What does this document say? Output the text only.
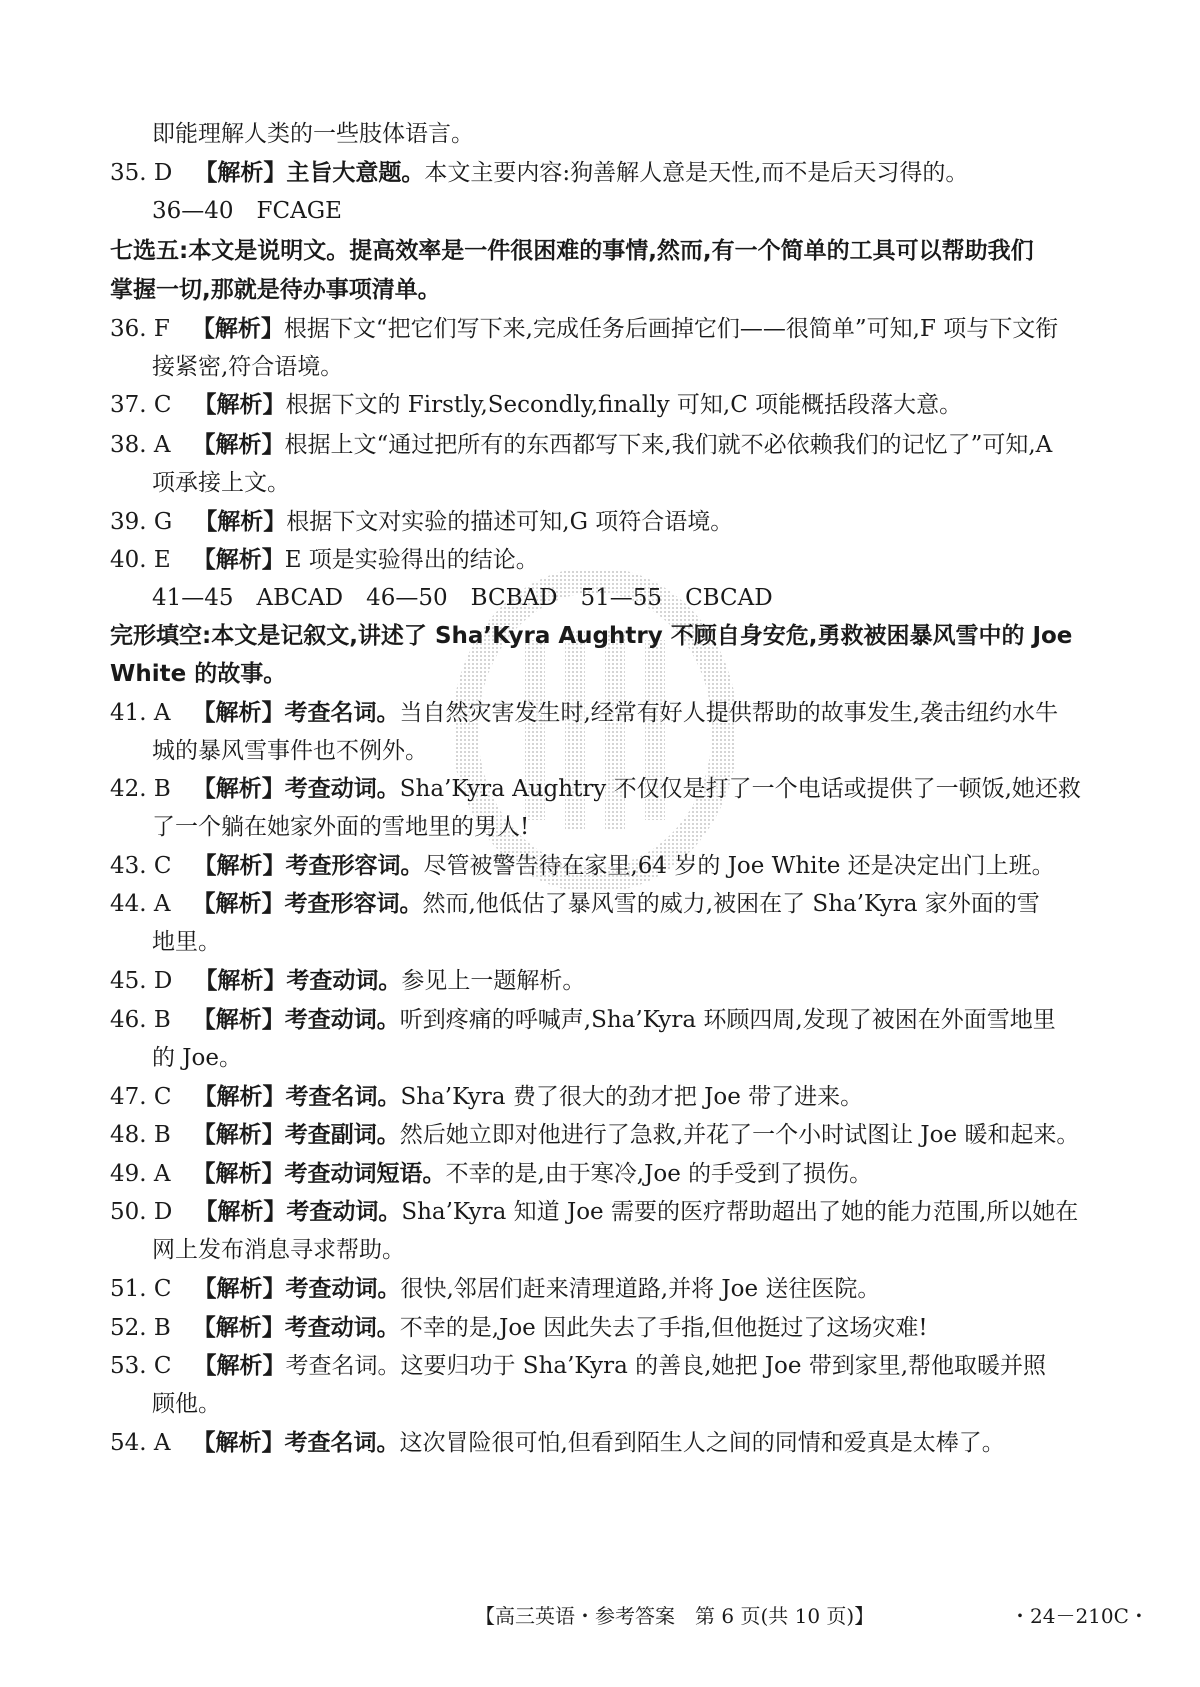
即能理解人类的一些肢体语言。
35. D 【解析】主旨大意题。本文主要内容:狗善解人意是天性,而不是后天习得的。
36—40　FCAGE
七选五:本文是说明文。提高效率是一件很困难的事情,然而,有一个简单的工具可以帮助我们
掌握一切,那就是待办事项清单。
36. F 【解析】根据下文“把它们写下来,完成任务后画掉它们——很简单”可知,F 项与下文衔
接紧密,符合语境。
37. C 【解析】根据下文的 Firstly,Secondly,finally 可知,C 项能概括段落大意。
38. A 【解析】根据上文“通过把所有的东西都写下来,我们就不必依赖我们的记忆了”可知,A
项承接上文。
39. G 【解析】根据下文对实验的描述可知,G 项符合语境。
40. E 【解析】E 项是实验得出的结论。
41—45　ABCAD　46—50　BCBAD　51—55　CBCAD
完形填空:本文是记叙文,讲述了 Sha’Kyra Aughtry 不顾自身安危,勇救被困暴风雪中的 Joe
White 的故事。
41. A 【解析】考查名词。当自然灾害发生时,经常有好人提供帮助的故事发生,袭击纽约水牛
城的暴风雪事件也不例外。
42. B 【解析】考查动词。Sha’Kyra Aughtry 不仅仅是打了一个电话或提供了一顿饭,她还救
了一个躺在她家外面的雪地里的男人!
43. C 【解析】考查形容词。尽管被警告待在家里,64 岁的 Joe White 还是决定出门上班。
44. A 【解析】考查形容词。然而,他低估了暴风雪的威力,被困在了 Sha’Kyra 家外面的雪
地里。
45. D 【解析】考查动词。参见上一题解析。
46. B 【解析】考查动词。听到疼痛的呼喊声,Sha’Kyra 环顾四周,发现了被困在外面雪地里
的 Joe。
47. C 【解析】考查名词。Sha’Kyra 费了很大的劲才把 Joe 带了进来。
48. B 【解析】考查副词。然后她立即对他进行了急救,并花了一个小时试图让 Joe 暖和起来。
49. A 【解析】考查动词短语。不幸的是,由于寒冷,Joe 的手受到了损伤。
50. D 【解析】考查动词。Sha’Kyra 知道 Joe 需要的医疗帮助超出了她的能力范围,所以她在
网上发布消息寻求帮助。
51. C 【解析】考查动词。很快,邻居们赶来清理道路,并将 Joe 送往医院。
52. B 【解析】考查动词。不幸的是,Joe 因此失去了手指,但他挺过了这场灾难!
53. C 【解析】考查名词。这要归功于 Sha’Kyra 的善良,她把 Joe 带到家里,帮他取暖并照
顾他。
54. A 【解析】考查名词。这次冒险很可怕,但看到陌生人之间的同情和爱真是太棒了。
【高三英语・参考答案　第 6 页(共 10 页)】	・24－210C・
